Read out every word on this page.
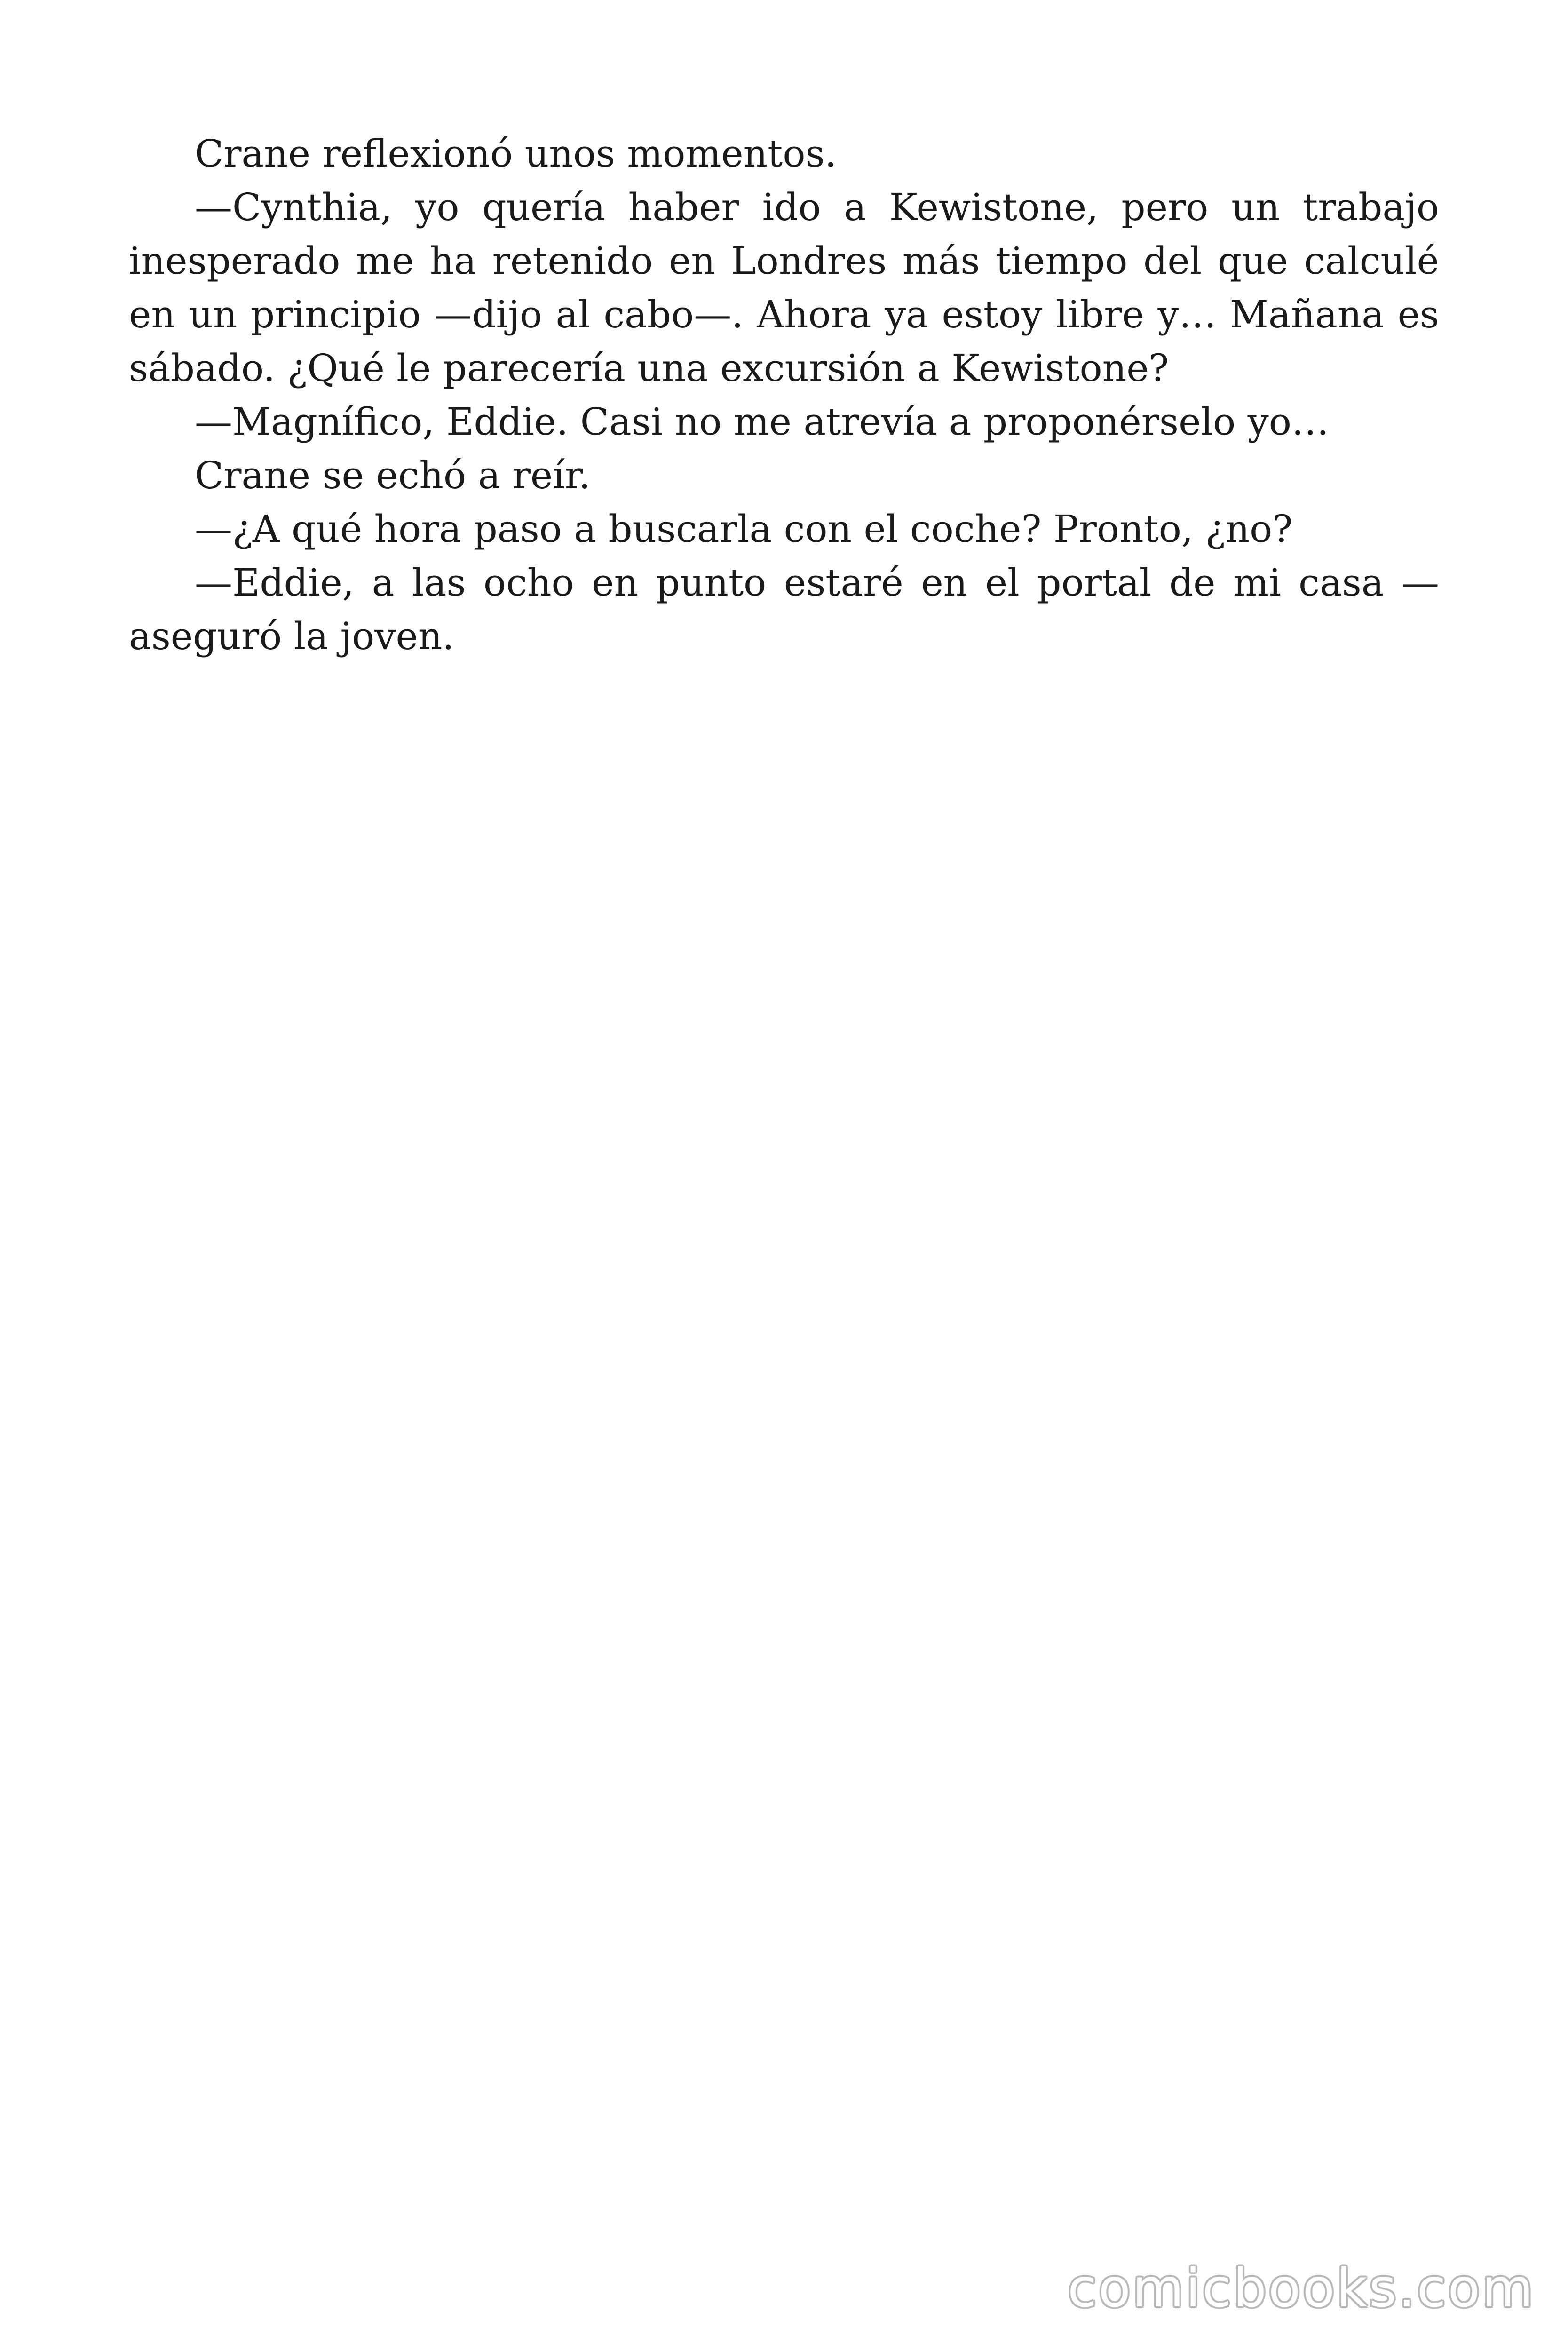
Crane reflexionó unos momentos.

—Cynthia, yo quería haber ido a Kewistone, pero un trabajo inesperado me ha retenido en Londres más tiempo del que calculé en un principio —dijo al cabo—. Ahora ya estoy libre y… Mañana es sábado. ¿Qué le parecería una excursión a Kewistone?

—Magnífico, Eddie. Casi no me atrevía a proponérselo yo…

Crane se echó a reír.

—¿A qué hora paso a buscarla con el coche? Pronto, ¿no?

—Eddie, a las ocho en punto estaré en el portal de mi casa —aseguró la joven.

comicbooks.com
